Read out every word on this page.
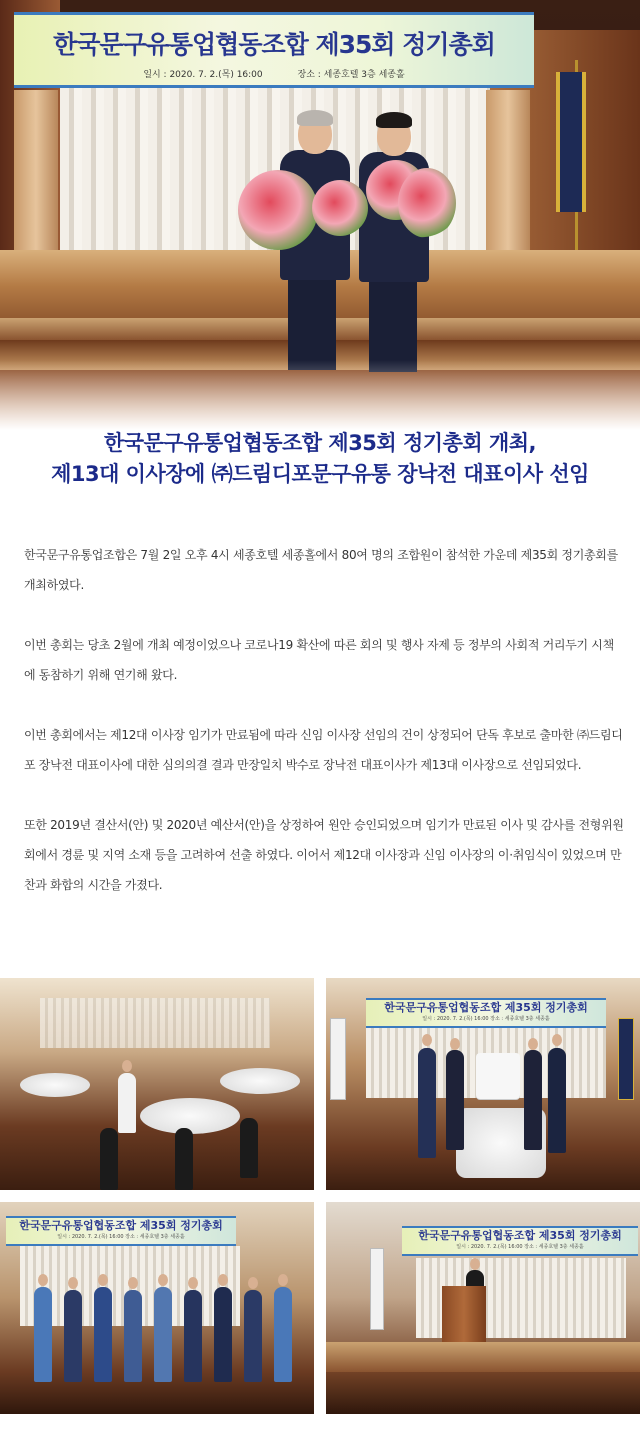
한국문구유통업협동조합 제35회 정기총회
일시 : 2020. 7. 2.(목) 16:00	장소 : 세종호텔 3층 세종홀
한국문구유통업협동조합 제35회 정기총회 개최,
제13대 이사장에 ㈜드림디포문구유통 장낙전 대표이사 선임

한국문구유통업조합은 7월 2일 오후 4시 세종호텔 세종홀에서 80여 명의 조합원이 참석한 가운데 제35회 정기총회를 개최하였다.

이번 총회는 당초 2월에 개최 예정이었으나 코로나19 확산에 따른 회의 및 행사 자제 등 정부의 사회적 거리두기 시책에 동참하기 위해 연기해 왔다.

이번 총회에서는 제12대 이사장 임기가 만료됨에 따라 신임 이사장 선임의 건이 상정되어 단독 후보로 출마한 ㈜드림디포 장낙전 대표이사에 대한 심의의결 결과 만장일치 박수로 장낙전 대표이사가 제13대 이사장으로 선임되었다.

또한 2019년 결산서(안) 및 2020년 예산서(안)을 상정하여 원안 승인되었으며 임기가 만료된 이사 및 감사를 전형위원회에서 경륜 및 지역 소재 등을 고려하여 선출 하였다. 이어서 제12대 이사장과 신임 이사장의 이·취임식이 있었으며 만찬과 화합의 시간을 가졌다.

한국문구유통업협동조합 제35회 정기총회
일시 : 2020. 7. 2.(목) 16:00 장소 : 세종호텔 3층 세종홀
한국문구유통업협동조합 제35회 정기총회
일시 : 2020. 7. 2.(목) 16:00 장소 : 세종호텔 3층 세종홀	한국문구유통업협동조합 제35회 정기총회
일시 : 2020. 7. 2.(목) 16:00 장소 : 세종호텔 3층 세종홀
